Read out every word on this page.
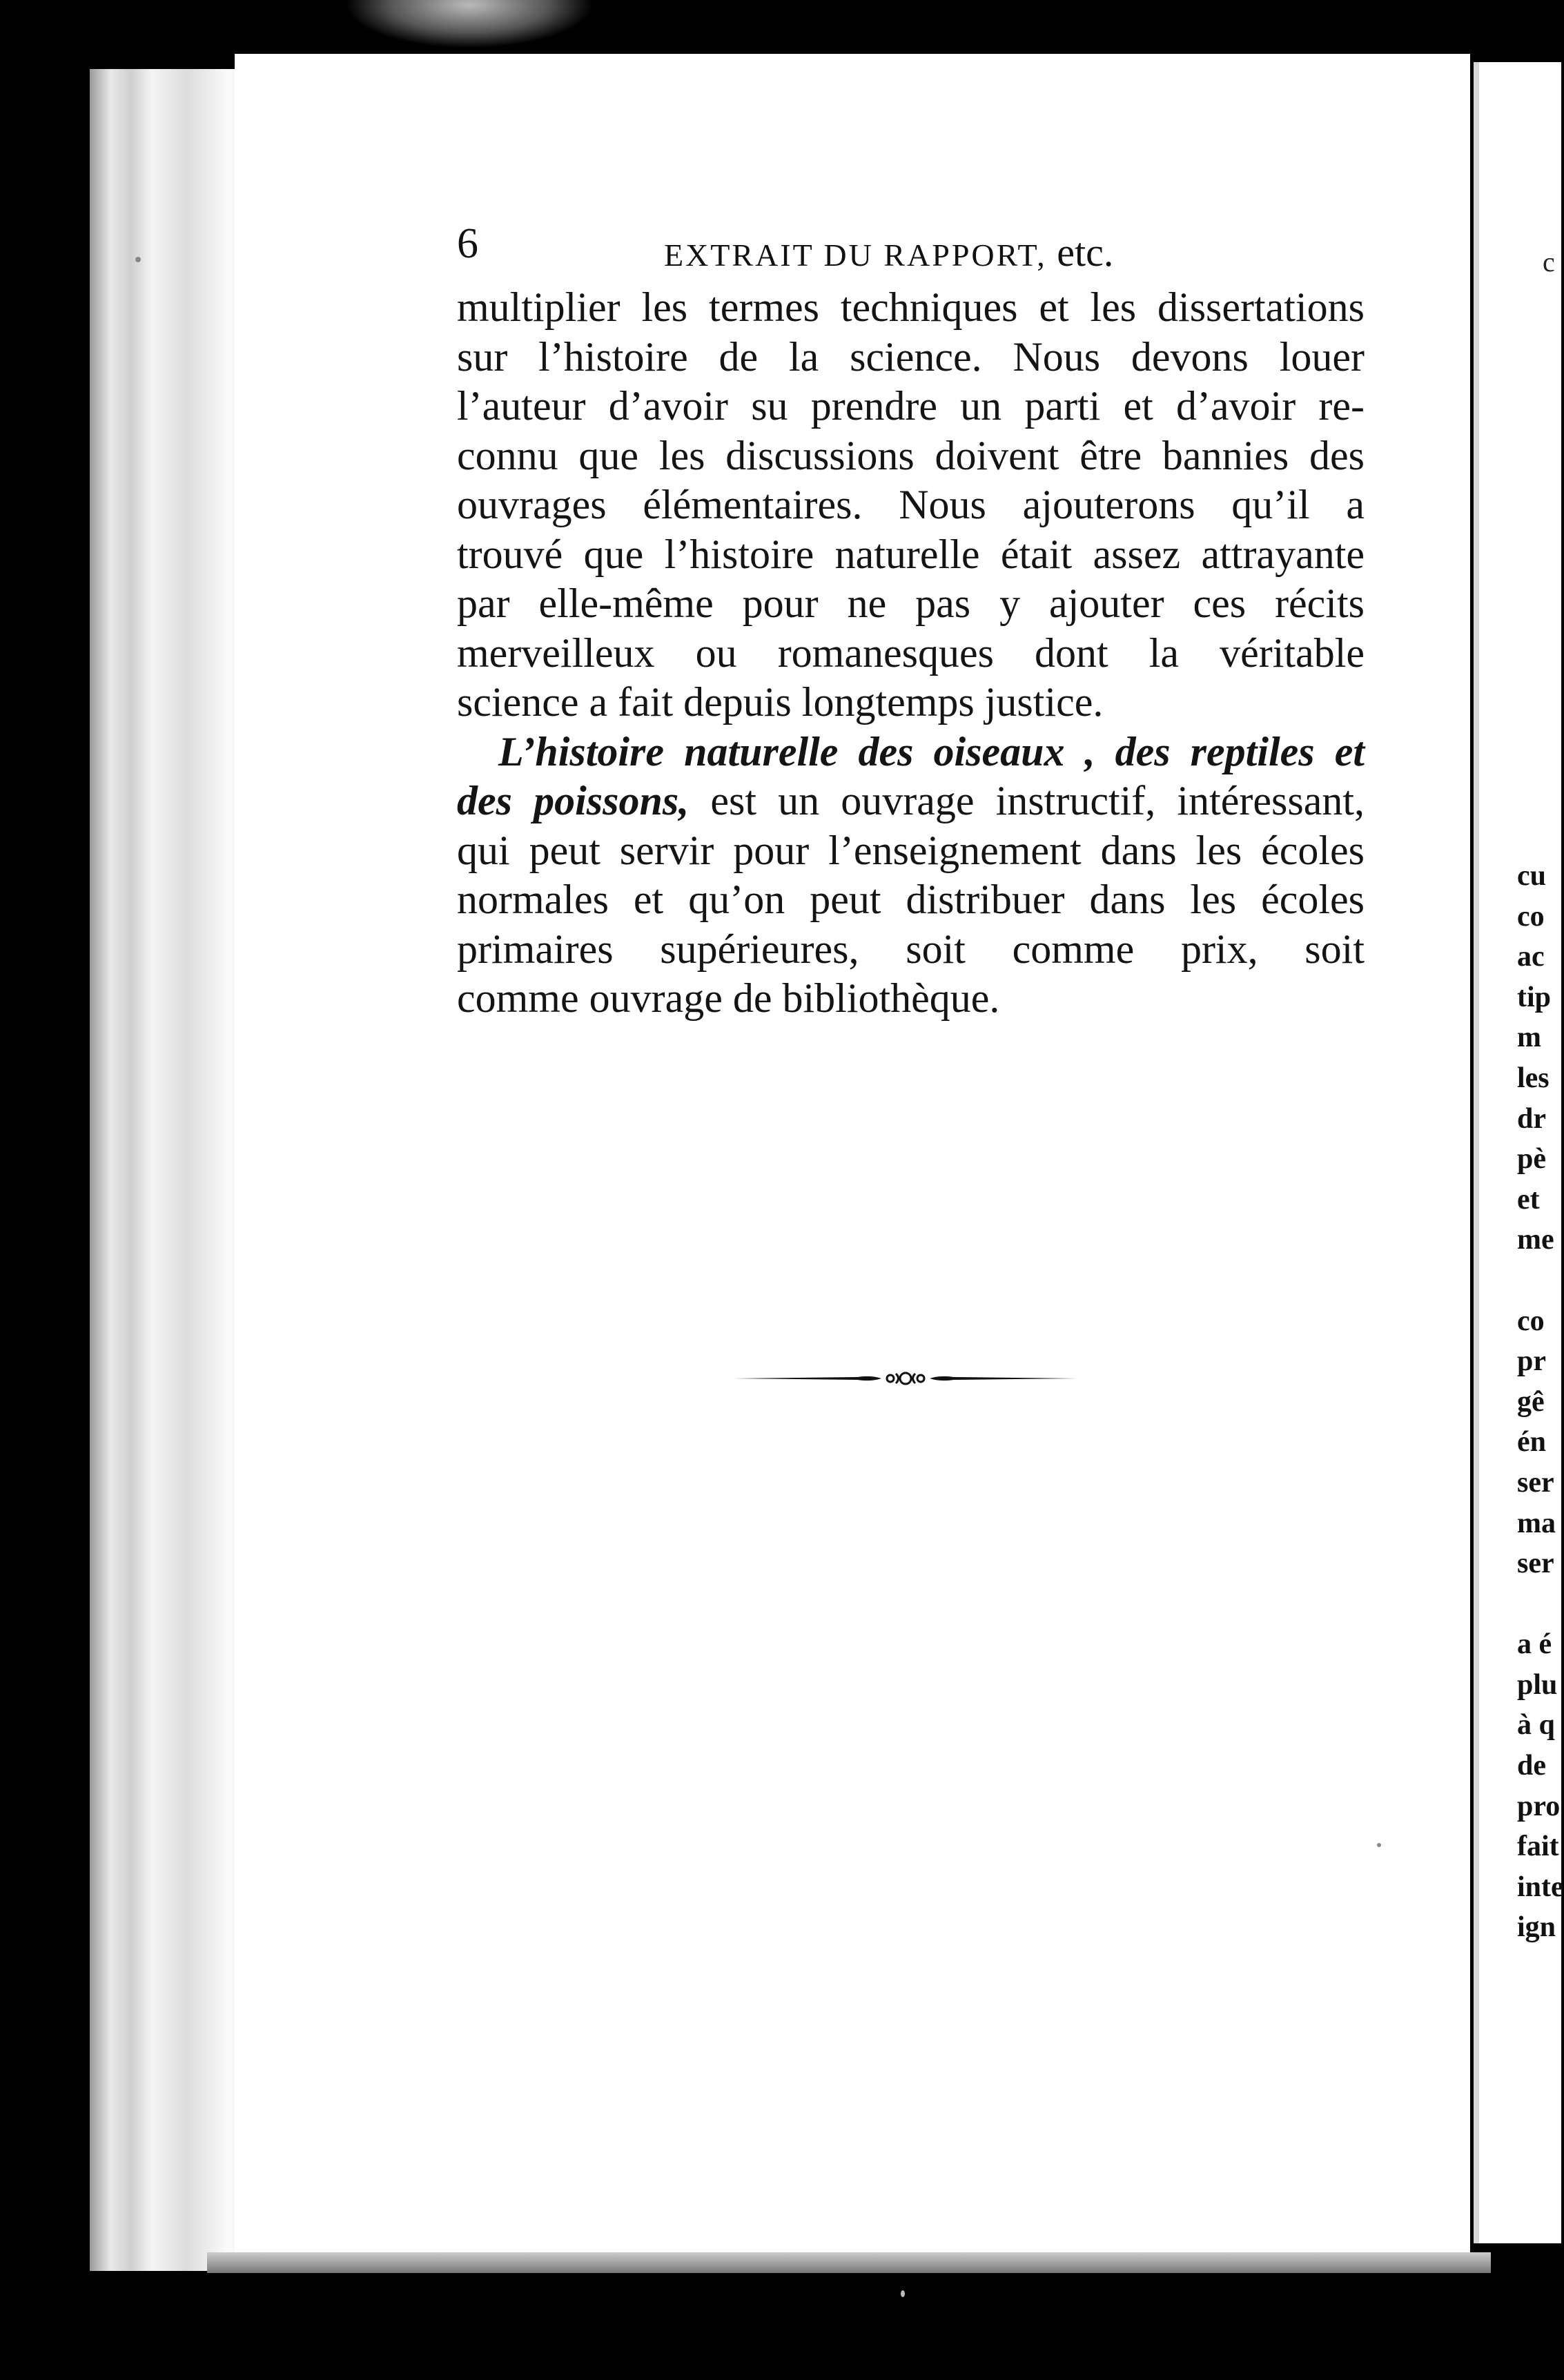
6	EXTRAIT DU RAPPORT, etc.

multiplier les termes techniques et les dissertations
sur l’histoire de la science. Nous devons louer
l’auteur d’avoir su prendre un parti et d’avoir re-
connu que les discussions doivent être bannies des
ouvrages élémentaires. Nous ajouterons qu’il a
trouvé que l’histoire naturelle était assez attrayante
par elle-même pour ne pas y ajouter ces récits
merveilleux ou romanesques dont la véritable
science a fait depuis longtemps justice.

L’histoire naturelle des oiseaux , des reptiles et
des poissons, est un ouvrage instructif, intéressant,
qui peut servir pour l’enseignement dans les écoles
normales et qu’on peut distribuer dans les écoles
primaires supérieures, soit comme prix, soit
comme ouvrage de bibliothèque.

c
cu
co
ac
tip
m
les
dr
pè
et
me

co
pr
gê
én
ser
ma
ser

a é
plu
à q
de
pro
fait
inte
ign
